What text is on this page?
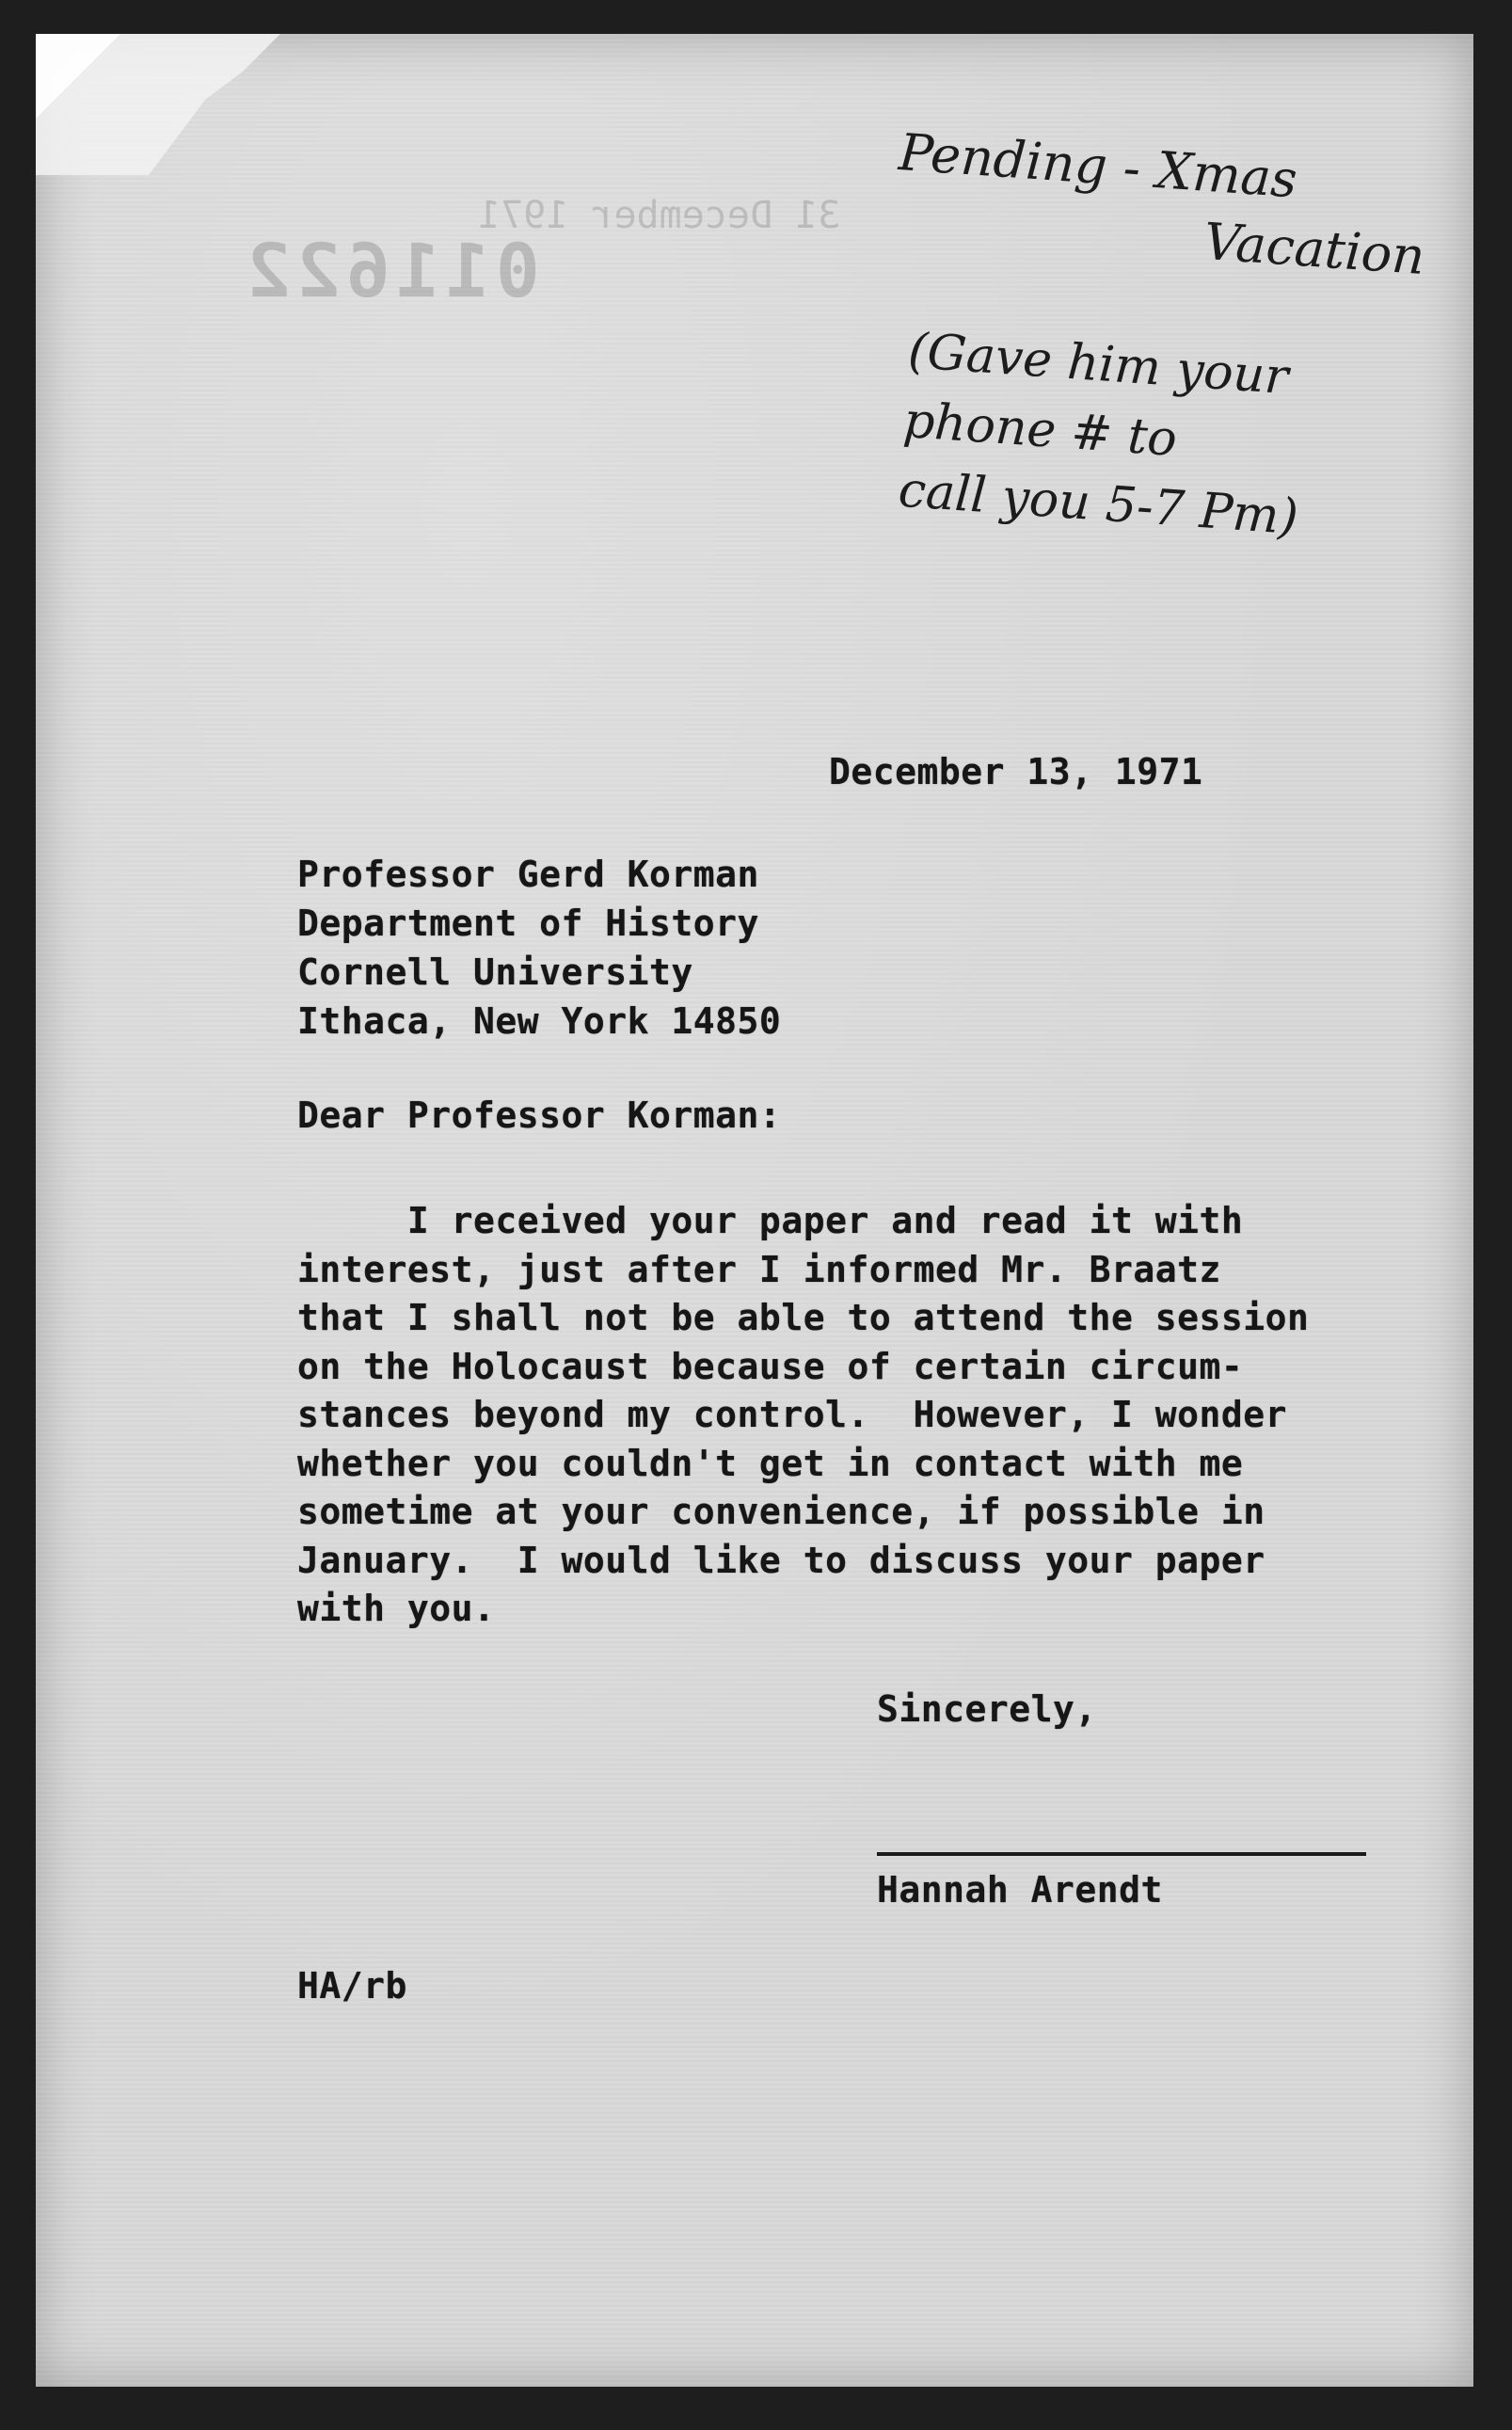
31 December 1971
011622
December 13, 1971
Professor Gerd Korman
Department of History
Cornell University
Ithaca, New York 14850
Dear Professor Korman:
I received your paper and read it with
interest, just after I informed Mr. Braatz
that I shall not be able to attend the session
on the Holocaust because of certain circum-
stances beyond my control.  However, I wonder
whether you couldn't get in contact with me
sometime at your convenience, if possible in
January.  I would like to discuss your paper
with you.
Sincerely,
Hannah Arendt
HA/rb
Pending - Xmas
Vacation
(Gave him your
phone # to
call you 5-7 Pm)
